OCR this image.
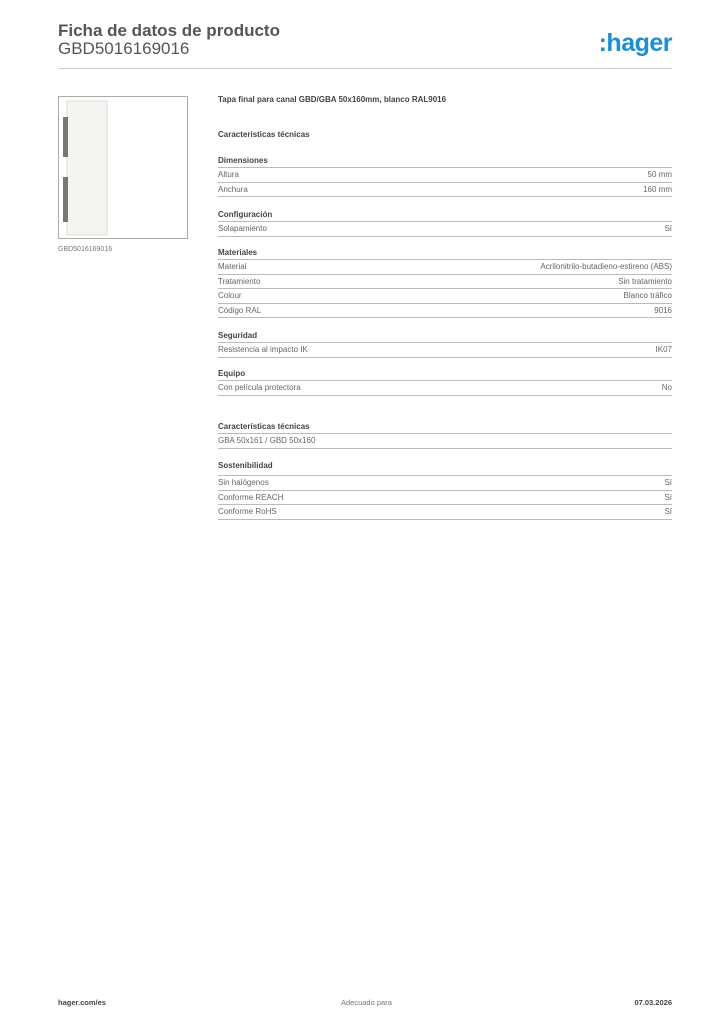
Ficha de datos de producto
GBD5016169016	:hager
GBD5016169016
Tapa final para canal GBD/GBA 50x160mm, blanco RAL9016
Características técnicas
Dimensiones
Altura	50 mm
Anchura	160 mm
Configuración
Solapamiento	Sí
Materiales
Material	Acrilonitrilo-butadieno-estireno (ABS)
Tratamiento	Sin tratamiento
Colour	Blanco tráfico
Código RAL	9016
Seguridad
Resistencia al impacto IK	IK07
Equipo
Con película protectora	No
Características técnicas
GBA 50x161 / GBD 50x160
Sostenibilidad
Sin halógenos	Sí
Conforme REACH	Sí
Conforme RoHS	Sí
hager.com/es	Adecuado para	07.03.2026
